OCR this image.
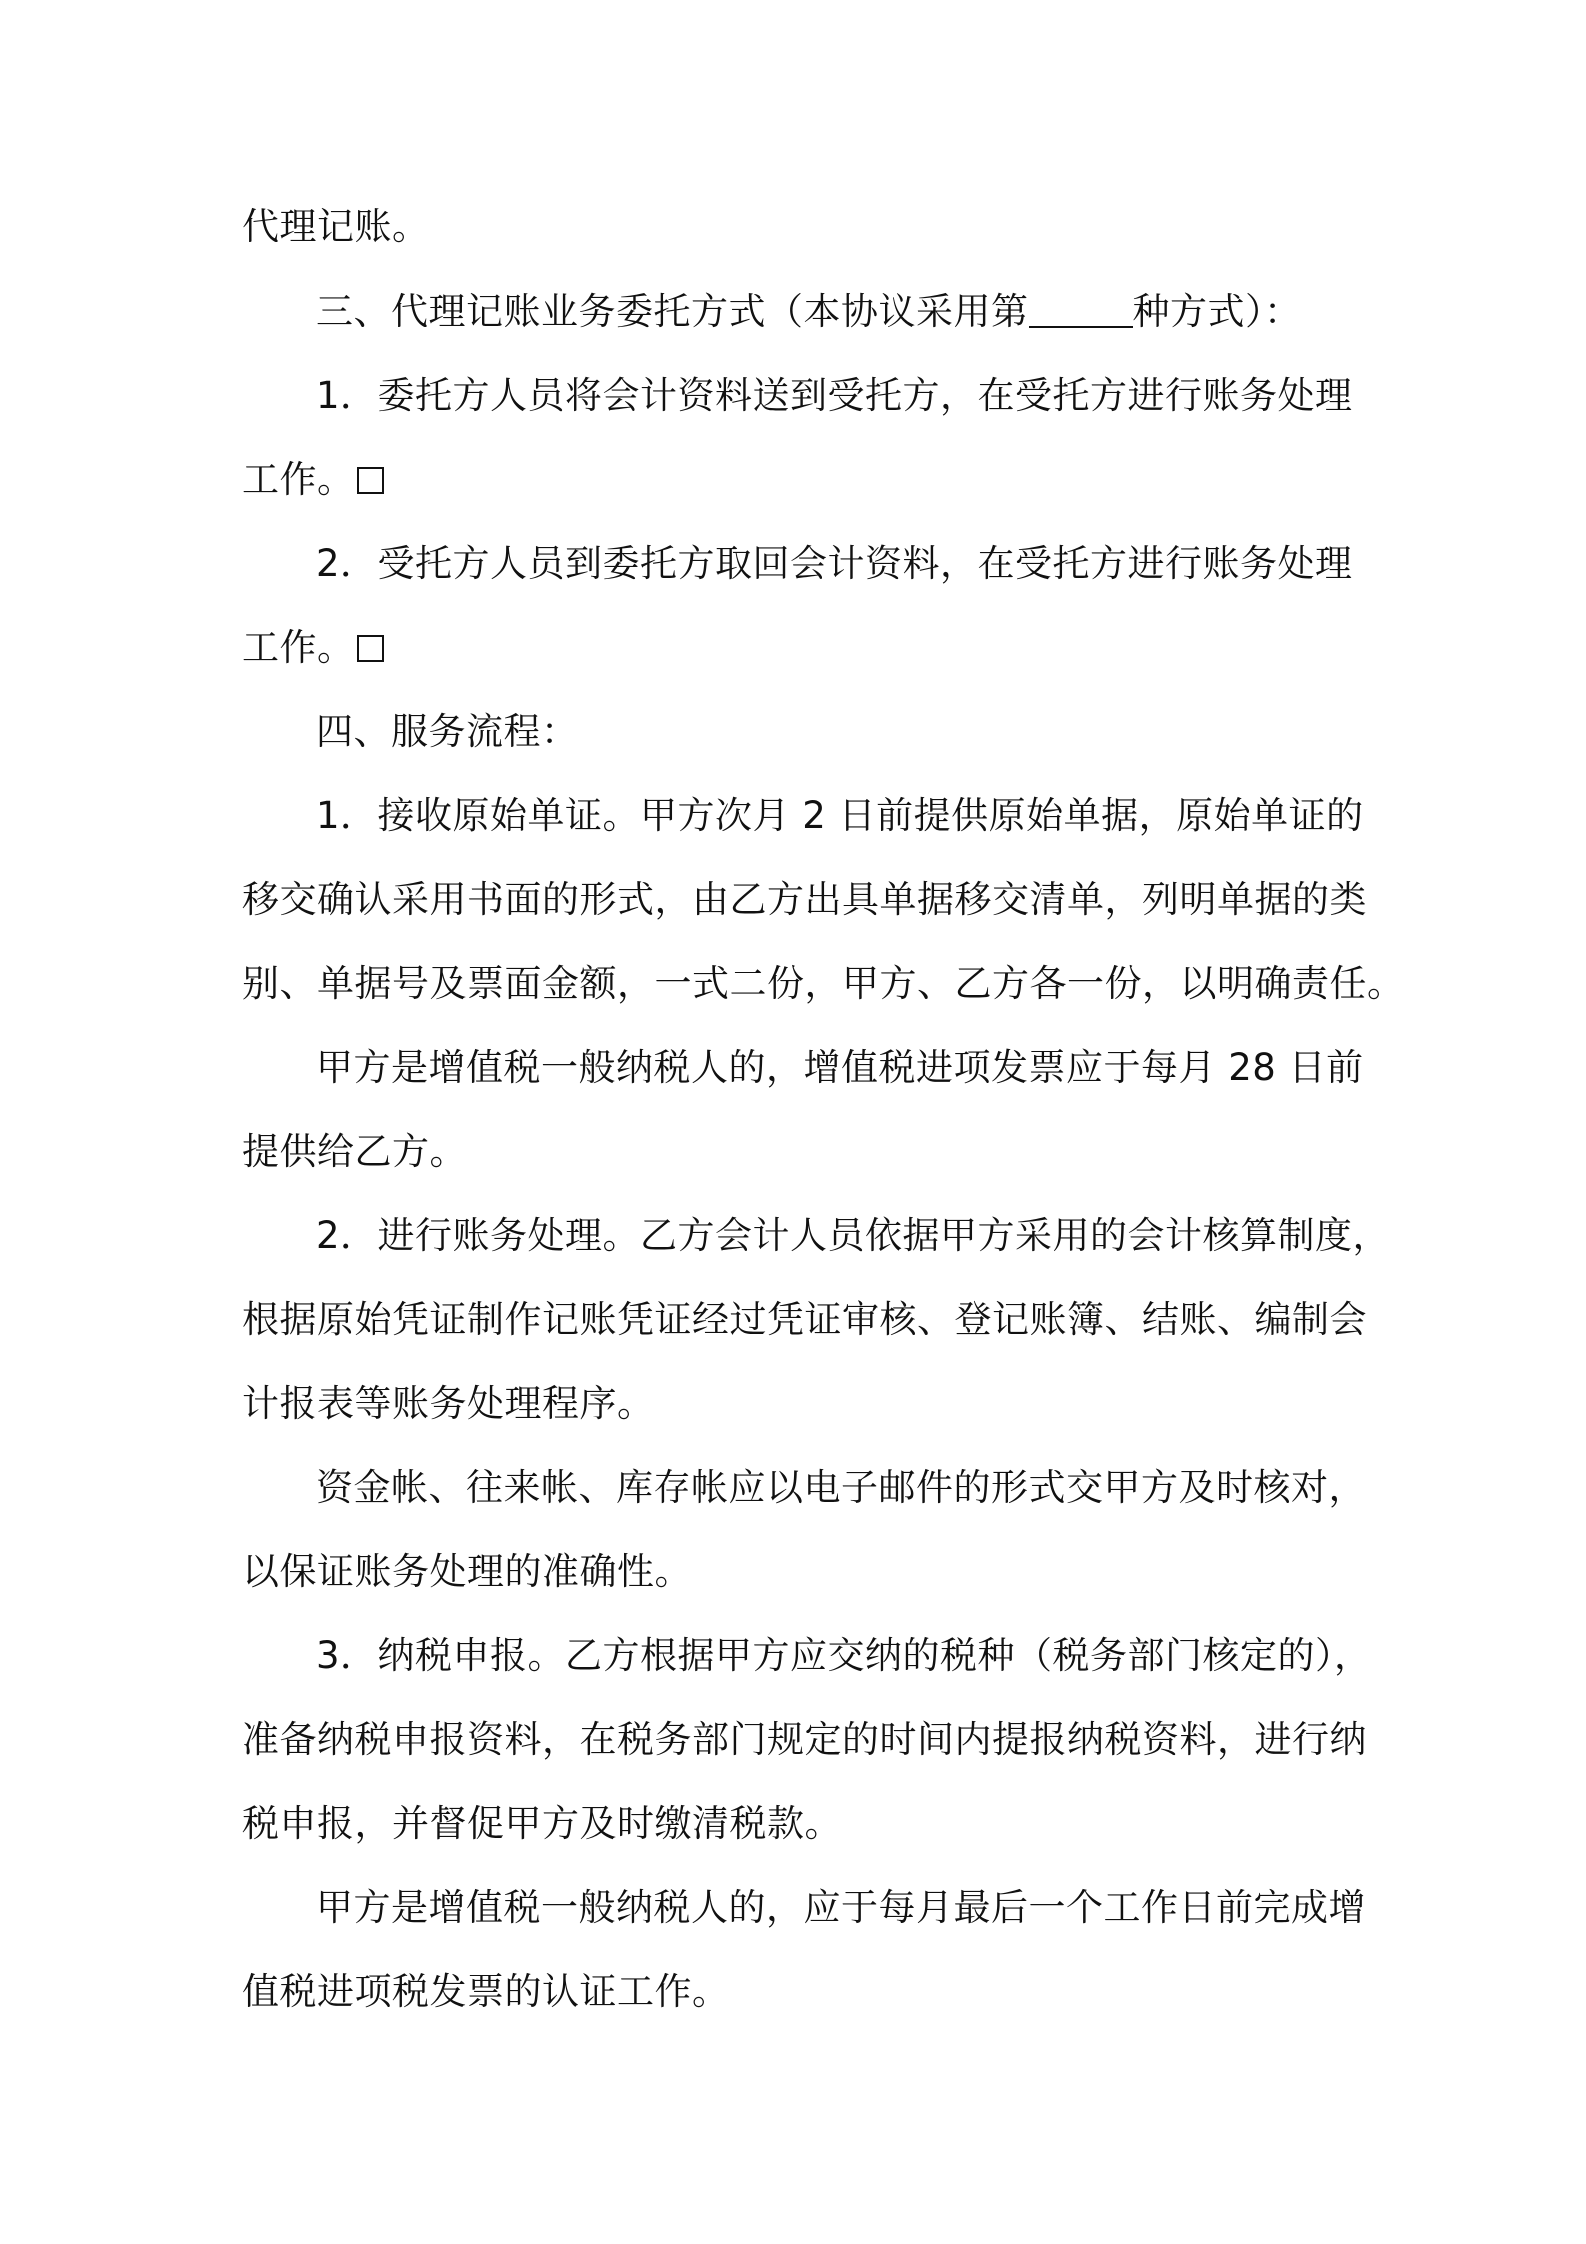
代理记账。
三、代理记账业务委托方式（本协议采用第	种方式）：
1．委托方人员将会计资料送到受托方，在受托方进行账务处理
工作。
2．受托方人员到委托方取回会计资料，在受托方进行账务处理
工作。
四、服务流程：
1．接收原始单证。甲方次月 2 日前提供原始单据，原始单证的
移交确认采用书面的形式，由乙方出具单据移交清单，列明单据的类
别、单据号及票面金额，一式二份，甲方、乙方各一份，以明确责任。
甲方是增值税一般纳税人的，增值税进项发票应于每月 28 日前
提供给乙方。
2．进行账务处理。乙方会计人员依据甲方采用的会计核算制度，
根据原始凭证制作记账凭证经过凭证审核、登记账簿、结账、编制会
计报表等账务处理程序。
资金帐、往来帐、库存帐应以电子邮件的形式交甲方及时核对，
以保证账务处理的准确性。
3．纳税申报。乙方根据甲方应交纳的税种（税务部门核定的），
准备纳税申报资料，在税务部门规定的时间内提报纳税资料，进行纳
税申报，并督促甲方及时缴清税款。
甲方是增值税一般纳税人的，应于每月最后一个工作日前完成增
值税进项税发票的认证工作。
